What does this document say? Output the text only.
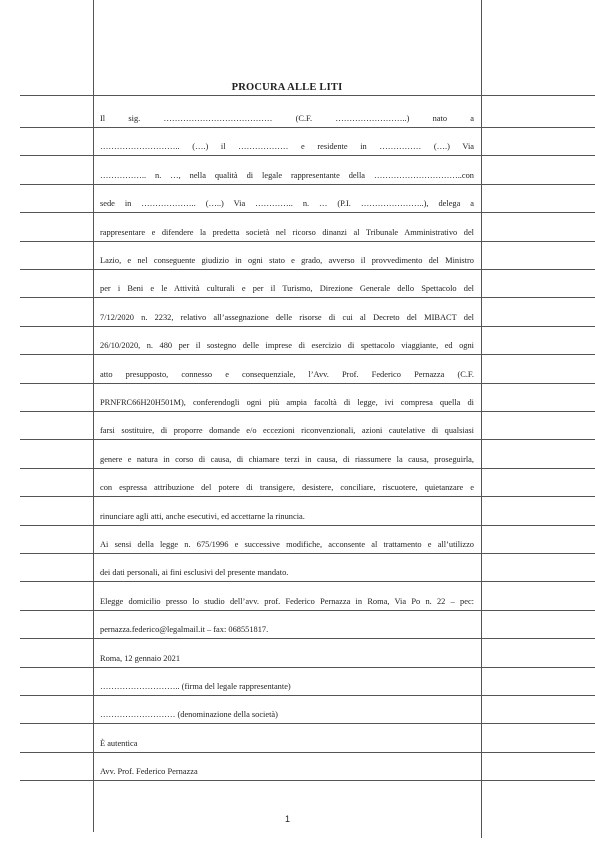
PROCURA ALLE LITI
Il sig. ………………………………… (C.F. ……………………..) nato a
……………………….. (….) il ……………… e residente in …………… (….) Via
…………….. n. …, nella qualità di legale rappresentante della …………………………..con
sede in ……………….. (…..) Via ………….. n. … (P.I. …………………..), delega a
rappresentare e difendere la predetta società nel ricorso dinanzi al Tribunale Amministrativo del
Lazio, e nel conseguente giudizio in ogni stato e grado, avverso il provvedimento del Ministro
per i Beni e le Attività culturali e per il Turismo, Direzione Generale dello Spettacolo del
7/12/2020 n. 2232, relativo all’assegnazione delle risorse di cui al Decreto del MIBACT del
26/10/2020, n. 480 per il sostegno delle imprese di esercizio di spettacolo viaggiante, ed ogni
atto presupposto, connesso e consequenziale, l’Avv. Prof. Federico Pernazza (C.F.
PRNFRC66H20H501M), conferendogli ogni più ampia facoltà di legge, ivi compresa quella di
farsi sostituire, di proporre domande e/o eccezioni riconvenzionali, azioni cautelative di qualsiasi
genere e natura in corso di causa, di chiamare terzi in causa, di riassumere la causa, proseguirla,
con espressa attribuzione del potere di transigere, desistere, conciliare, riscuotere, quietanzare e
rinunciare agli atti, anche esecutivi, ed accettarne la rinuncia.
Ai sensi della legge n. 675/1996 e successive modifiche, acconsente al trattamento e all’utilizzo
dei dati personali, ai fini esclusivi del presente mandato.
Elegge domicilio presso lo studio dell’avv. prof. Federico Pernazza in Roma, Via Po n. 22 – pec:
pernazza.federico@legalmail.it – fax: 068551817.
Roma, 12 gennaio 2021
……………………….. (firma del legale rappresentante)
……………………… (denominazione della società)
È autentica
Avv. Prof. Federico Pernazza
1
